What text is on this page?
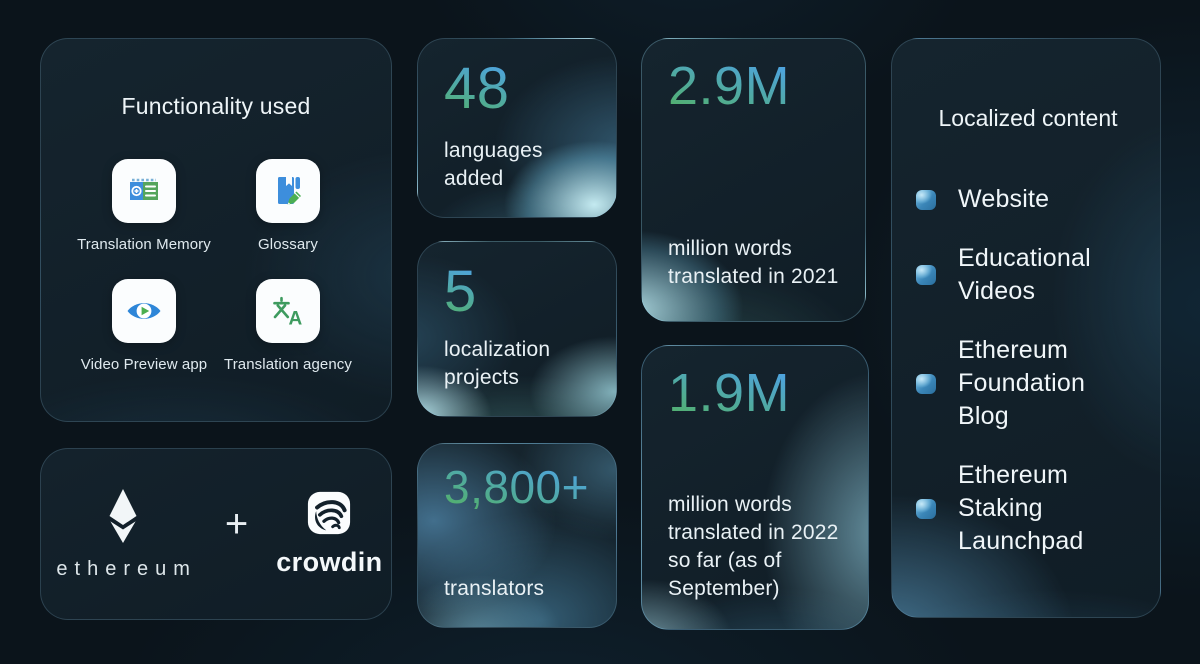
Functionality used
Translation Memory	Glossary
Video Preview app
A
Translation agency
ethereum
+
crowdin
48
languages added
5
localization projects
3,800+
translators
2.9M
million words translated in 2021
1.9M
million words translated in 2022 so far (as of September)
Localized content
Website
Educational Videos
Ethereum Foundation Blog
Ethereum Staking Launchpad
